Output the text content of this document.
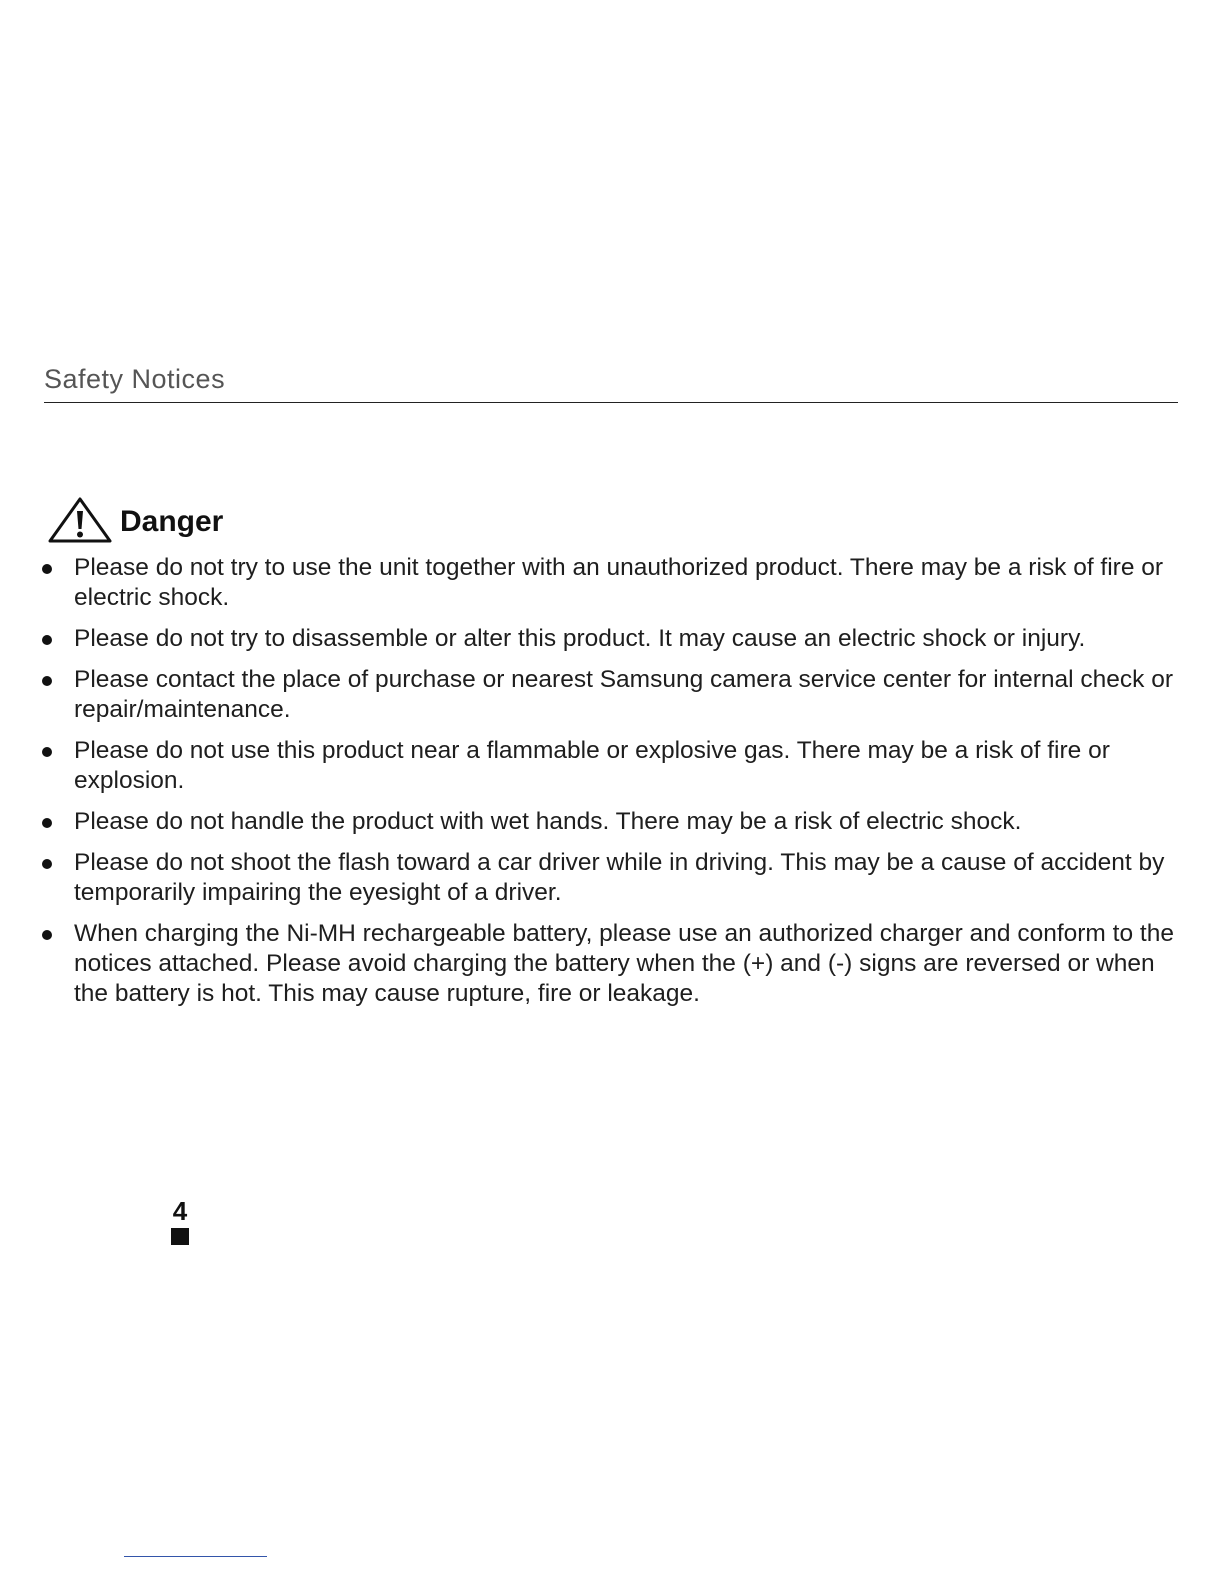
Safety Notices
Danger
Please do not try to use the unit together with an unauthorized product. There may be a risk of fire or electric shock.
Please do not try to disassemble or alter this product. It may cause an electric shock or injury.
Please contact the place of purchase or nearest Samsung camera service center for internal check or repair/maintenance.
Please do not use this product near a flammable or explosive gas. There may be a risk of fire or explosion.
Please do not handle the product with wet hands. There may be a risk of electric shock.
Please do not shoot the flash toward a car driver while in driving. This may be a cause of accident by temporarily impairing the eyesight of a driver.
When charging the Ni-MH rechargeable battery, please use an authorized charger and conform to the notices attached. Please avoid charging the battery when the (+) and (-) signs are reversed or when the battery is hot. This may cause rupture, fire or leakage.
4
